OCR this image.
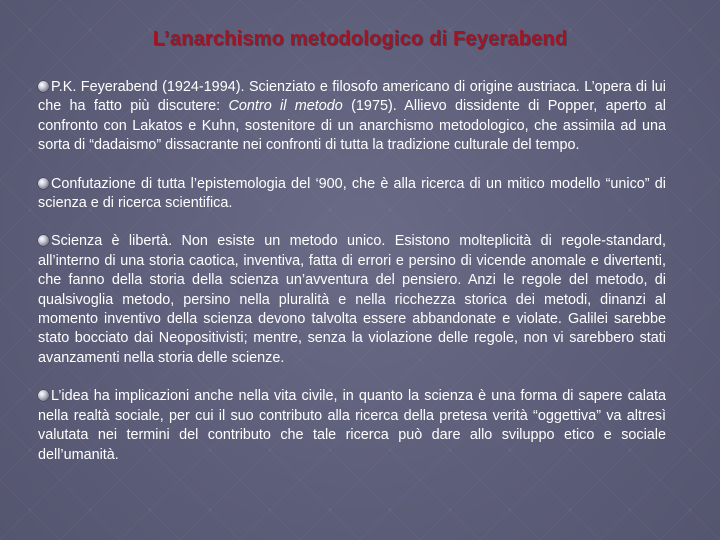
L’anarchismo metodologico di Feyerabend

P.K. Feyerabend (1924-1994). Scienziato e filosofo americano di origine austriaca. L’opera di lui che ha fatto più discutere: Contro il metodo (1975). Allievo dissidente di Popper, aperto al confronto con Lakatos e Kuhn, sostenitore di un anarchismo metodologico, che assimila ad una sorta di “dadaismo” dissacrante nei confronti di tutta la tradizione culturale del tempo.

Confutazione di tutta l’epistemologia del ‘900, che è alla ricerca di un mitico modello “unico” di scienza e di ricerca scientifica.

Scienza è libertà. Non esiste un metodo unico. Esistono molteplicità di regole-standard, all’interno di una storia caotica, inventiva, fatta di errori e persino di vicende anomale e divertenti, che fanno della storia della scienza un’avventura del pensiero. Anzi le regole del metodo, di qualsivoglia metodo, persino nella pluralità e nella ricchezza storica dei metodi, dinanzi al momento inventivo della scienza devono talvolta essere abbandonate e violate. Galilei sarebbe stato bocciato dai Neopositivisti; mentre, senza la violazione delle regole, non vi sarebbero stati avanzamenti nella storia delle scienze.

L’idea ha implicazioni anche nella vita civile, in quanto la scienza è una forma di sapere calata nella realtà sociale, per cui il suo contributo alla ricerca della pretesa verità “oggettiva” va altresì valutata nei termini del contributo che tale ricerca può dare allo sviluppo etico e sociale dell’umanità.
